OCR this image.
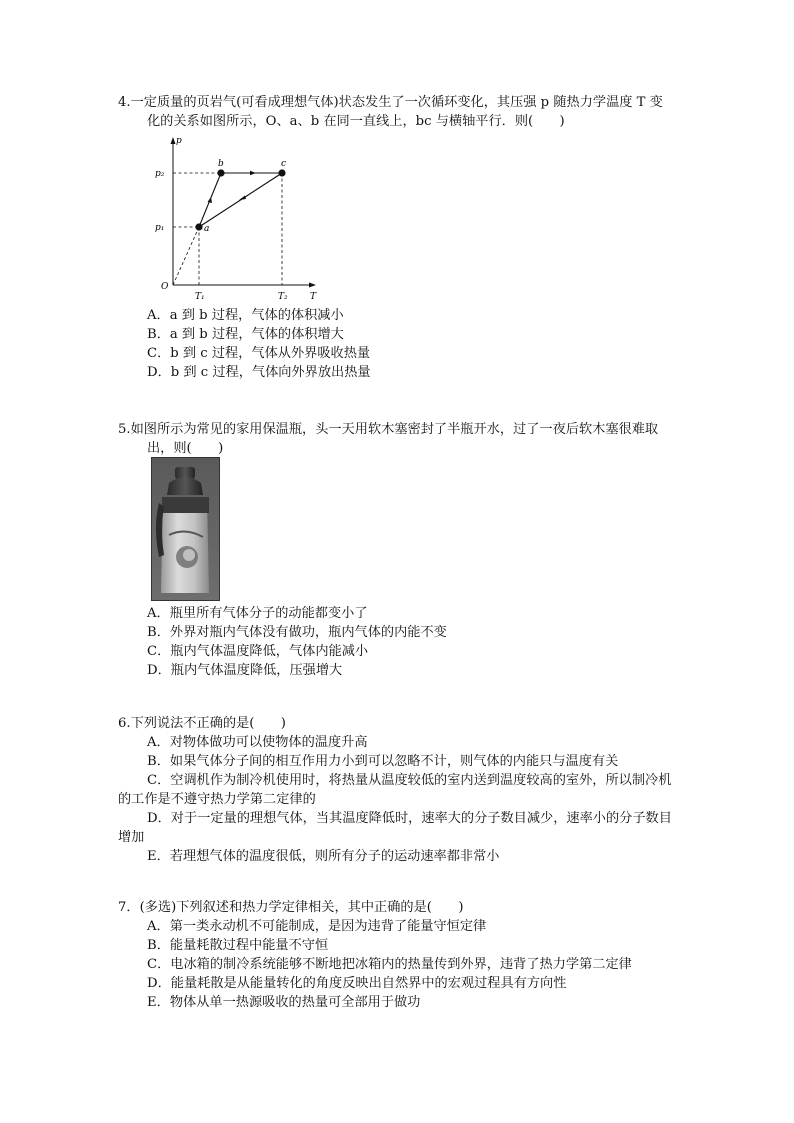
4.一定质量的页岩气(可看成理想气体)状态发生了一次循环变化，其压强 p 随热力学温度 T 变
化的关系如图所示，O、a、b 在同一直线上，bc 与横轴平行．则(　　)
p
T
O
p₂
p₁
T₁	T₂
a
b	c
A．a 到 b 过程，气体的体积减小
B．a 到 b 过程，气体的体积增大
C．b 到 c 过程，气体从外界吸收热量
D．b 到 c 过程，气体向外界放出热量
5.如图所示为常见的家用保温瓶，头一天用软木塞密封了半瓶开水，过了一夜后软木塞很难取
出，则(　　)
A．瓶里所有气体分子的动能都变小了
B．外界对瓶内气体没有做功，瓶内气体的内能不变
C．瓶内气体温度降低，气体内能减小
D．瓶内气体温度降低，压强增大
6.下列说法不正确的是(　　)
A．对物体做功可以使物体的温度升高
B．如果气体分子间的相互作用力小到可以忽略不计，则气体的内能只与温度有关
C．空调机作为制冷机使用时，将热量从温度较低的室内送到温度较高的室外，所以制冷机
的工作是不遵守热力学第二定律的
D．对于一定量的理想气体，当其温度降低时，速率大的分子数目减少，速率小的分子数目
增加
E．若理想气体的温度很低，则所有分子的运动速率都非常小
7．(多选)下列叙述和热力学定律相关，其中正确的是(　　)
A．第一类永动机不可能制成，是因为违背了能量守恒定律
B．能量耗散过程中能量不守恒
C．电冰箱的制冷系统能够不断地把冰箱内的热量传到外界，违背了热力学第二定律
D．能量耗散是从能量转化的角度反映出自然界中的宏观过程具有方向性
E．物体从单一热源吸收的热量可全部用于做功
